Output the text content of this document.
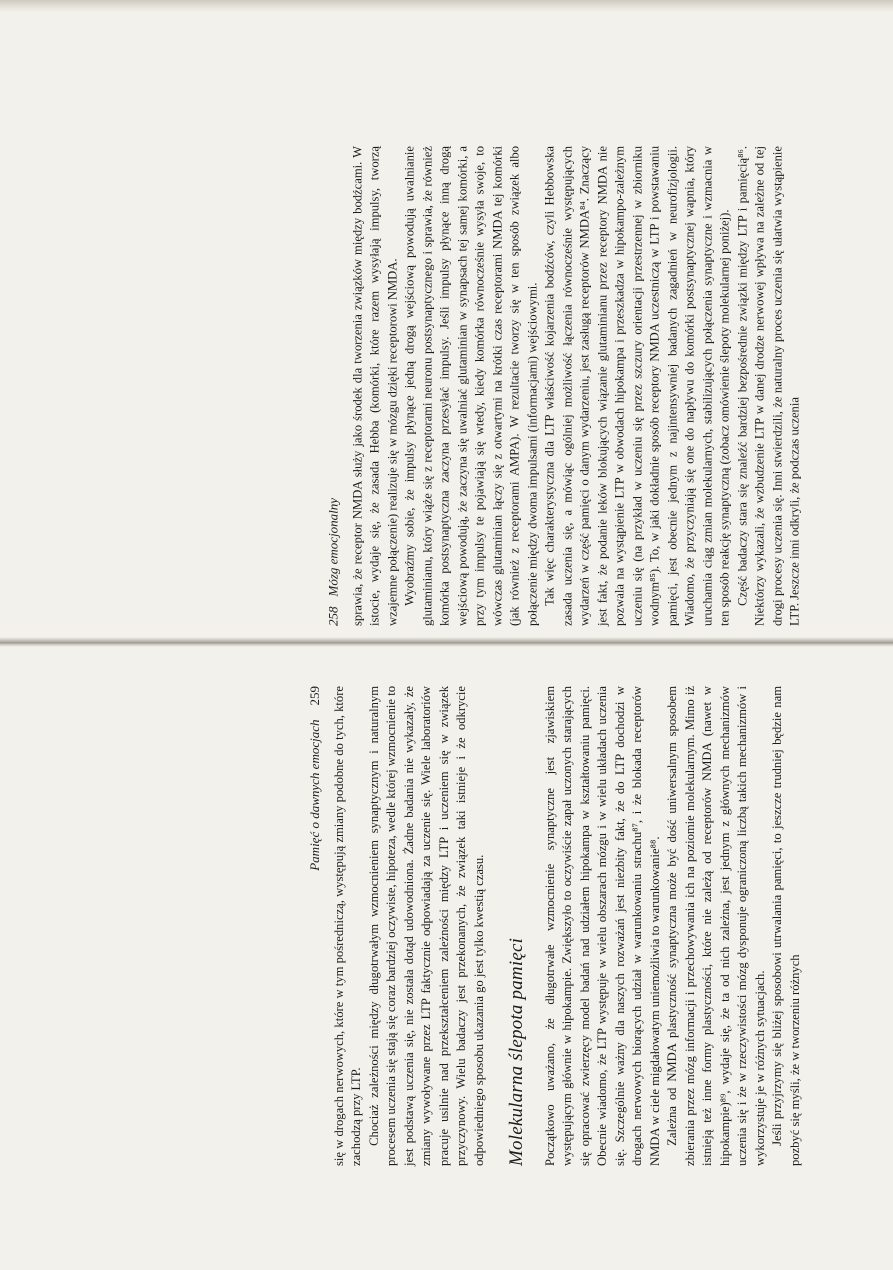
258
Mózg emocjonalny sprawia, że receptor NMDA służy jako środek dla tworzenia związków między bodźcami. W istocie, wydaje się, że zasada Hebba (komórki, które razem wysyłają impulsy, tworzą wzajemne połączenie) realizuje się w mózgu dzięki receptorowi NMDA. Wyobraźmy sobie, że impulsy płynące jedną drogą wejściową powodują uwalnianie glutaminianu, który wiąże się z receptorami neuronu postsynaptycznego i sprawia, że również komórka postsynaptyczna zaczyna przesyłać impulsy. Jeśli impulsy płynące inną drogą wejściową powodują, że zaczyna się uwalniać glutaminian w synapsach tej samej komórki, a przy tym impulsy te pojawiają się wtedy, kiedy komórka równocześnie wysyła swoje, to wówczas glutaminian łączy się z otwartymi na krótki czas receptorami NMDA tej komórki (jak również z receptorami AMPA). W rezultacie tworzy się w ten sposób związek albo połączenie między dwoma impulsami (informacjami) wejściowymi. Tak więc charakterystyczna dla LTP właściwość kojarzenia bodźców, czyli Hebbowska zasada uczenia się, a mówiąc ogólniej możliwość łączenia równocześnie występujących wydarzeń w część pamięci o danym wydarzeniu, jest zasługą receptorów NMDA⁸⁴. Znaczący jest fakt, że podanie leków blokujących wiązanie glutaminianu przez receptory NMDA nie pozwala na wystąpienie LTP w obwodach hipokampa i przeszkadza w hipokampo-zależnym uczeniu się (na przykład w uczeniu się przez szczury orientacji przestrzennej w zbiorniku wodnym⁸⁵). To, w jaki dokładnie sposób receptory NMDA uczestniczą w LTP i powstawaniu pamięci, jest obecnie jednym z najintensywniej badanych zagadnień w neurofizjologii. Wiadomo, że przyczyniają się one do napływu do komórki postsynaptycznej wapnia, który uruchamia ciąg zmian molekularnych, stabilizujących połączenia synaptyczne i wzmacnia w ten sposób reakcję synaptyczną (zobacz omówienie ślepoty molekularnej poniżej). Część badaczy stara się znaleźć bardziej bezpośrednie związki między LTP i pamięcią⁸⁶. Niektórzy wykazali, że wzbudzenie LTP w danej drodze nerwowej wpływa na zależne od tej drogi procesy uczenia się. Inni stwierdzili, że naturalny proces uczenia się ułatwia wystąpienie LTP. Jeszcze inni odkryli, że podczas uczenia

Pamięć o dawnych emocjach
259 się w drogach nerwowych, które w tym pośredniczą, występują zmiany podobne do tych, które zachodzą przy LTP. Chociaż zależności między długotrwałym wzmocnieniem synaptycznym i naturalnym procesem uczenia się stają się coraz bardziej oczywiste, hipoteza, wedle której wzmocnienie to jest podstawą uczenia się, nie została dotąd udowodniona. Żadne badania nie wykazały, że zmiany wywoływane przez LTP faktycznie odpowiadają za uczenie się. Wiele laboratoriów pracuje usilnie nad przekształceniem zależności między LTP i uczeniem się w związek przyczynowy. Wielu badaczy jest przekonanych, że związek taki istnieje i że odkrycie odpowiedniego sposobu ukazania go jest tylko kwestią czasu. Molekularna ślepota pamięci Początkowo uważano, że długotrwałe wzmocnienie synaptyczne jest zjawiskiem występującym głównie w hipokampie. Zwiększyło to oczywiście zapał uczonych starających się opracować zwierzęcy model badań nad udziałem hipokampa w kształtowaniu pamięci. Obecnie wiadomo, że LTP występuje w wielu obszarach mózgu i w wielu układach uczenia się. Szczególnie ważny dla naszych rozważań jest niezbity fakt, że do LTP dochodzi w drogach nerwowych biorących udział w warunkowaniu strachu⁸⁷, i że blokada receptorów NMDA w ciele migdałowatym uniemożliwia to warunkowanie⁸⁸. Zależna od NMDA plastyczność synaptyczna może być dość uniwersalnym sposobem zbierania przez mózg informacji i przechowywania ich na poziomie molekularnym. Mimo iż istnieją też inne formy plastyczności, które nie zależą od receptorów NMDA (nawet w hipokampie)⁸⁹, wydaje się, że ta od nich zależna, jest jednym z głównych mechanizmów uczenia się i że w rzeczywistości mózg dysponuje ograniczoną liczbą takich mechanizmów i wykorzystuje je w różnych sytuacjach. Jeśli przyjrzymy się bliżej sposobowi utrwalania pamięci, to jeszcze trudniej będzie nam pozbyć się myśli, że w tworzeniu różnych
